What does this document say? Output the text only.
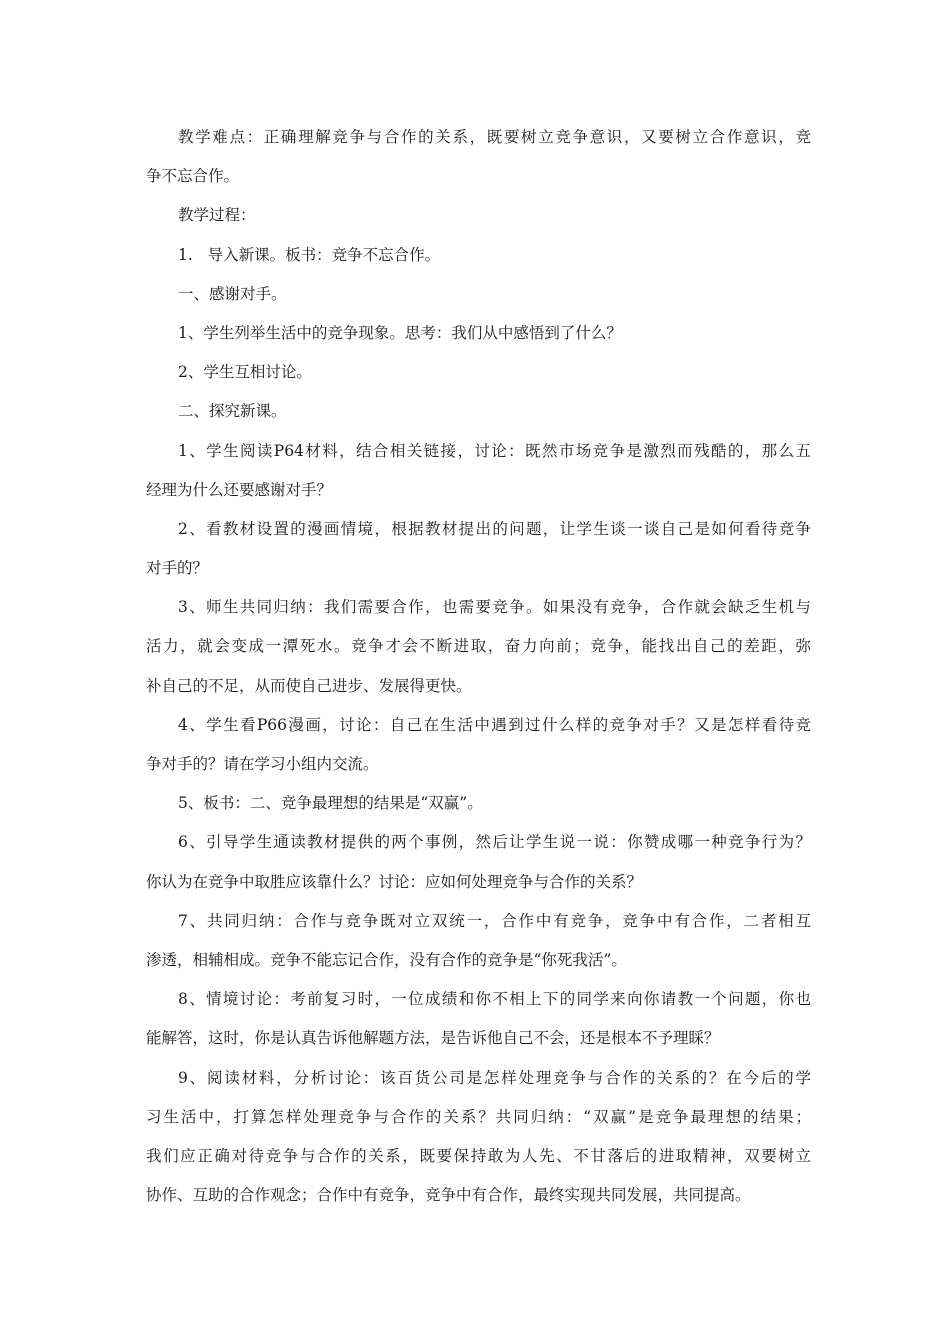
教学难点：正确理解竞争与合作的关系，既要树立竞争意识，又要树立合作意识，竞
争不忘合作。
教学过程：
1.   导入新课。板书：竞争不忘合作。
一、感谢对手。
1、学生列举生活中的竞争现象。思考：我们从中感悟到了什么？
2、学生互相讨论。
二、探究新课。
1、学生阅读P64材料，结合相关链接，讨论：既然市场竞争是激烈而残酷的，那么五
经理为什么还要感谢对手？
2、看教材设置的漫画情境，根据教材提出的问题，让学生谈一谈自己是如何看待竞争
对手的？
3、师生共同归纳：我们需要合作，也需要竞争。如果没有竞争，合作就会缺乏生机与
活力，就会变成一潭死水。竞争才会不断进取，奋力向前；竞争，能找出自己的差距，弥
补自己的不足，从而使自己进步、发展得更快。
4、学生看P66漫画，讨论：自己在生活中遇到过什么样的竞争对手？又是怎样看待竞
争对手的？请在学习小组内交流。
5、板书：二、竞争最理想的结果是“双赢”。
6、引导学生通读教材提供的两个事例，然后让学生说一说：你赞成哪一种竞争行为？
你认为在竞争中取胜应该靠什么？讨论：应如何处理竞争与合作的关系？
7、共同归纳：合作与竞争既对立双统一，合作中有竞争，竞争中有合作，二者相互
渗透，相辅相成。竞争不能忘记合作，没有合作的竞争是“你死我活”。
8、情境讨论：考前复习时，一位成绩和你不相上下的同学来向你请教一个问题，你也
能解答，这时，你是认真告诉他解题方法，是告诉他自己不会，还是根本不予理睬？
9、阅读材料，分析讨论：该百货公司是怎样处理竞争与合作的关系的？在今后的学
习生活中，打算怎样处理竞争与合作的关系？共同归纳：“双赢”是竞争最理想的结果；
我们应正确对待竞争与合作的关系，既要保持敢为人先、不甘落后的进取精神，双要树立
协作、互助的合作观念；合作中有竞争，竞争中有合作，最终实现共同发展，共同提高。
